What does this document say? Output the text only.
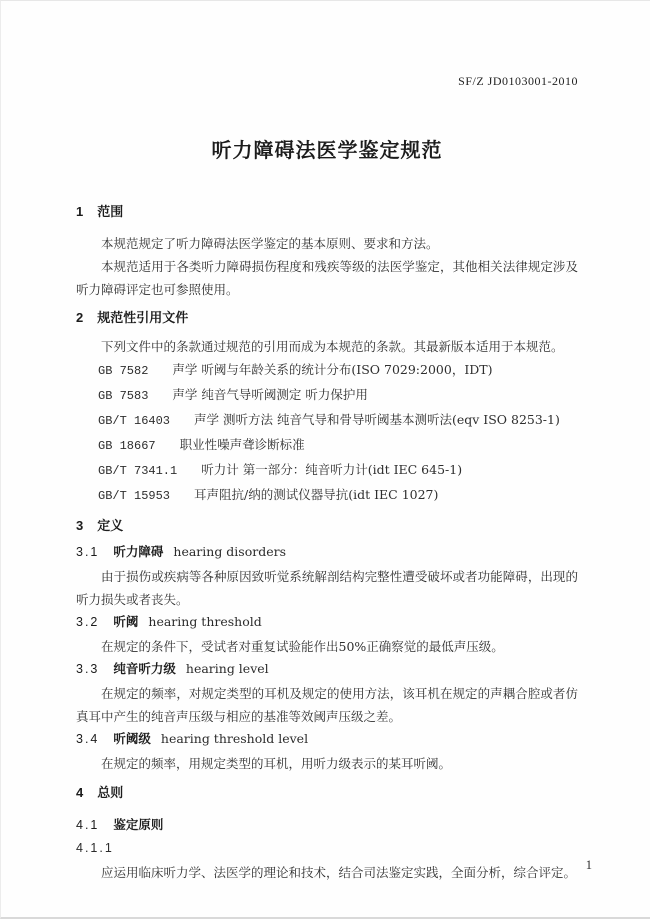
SF/Z JD0103001-2010
听力障碍法医学鉴定规范
1 范围

本规范规定了听力障碍法医学鉴定的基本原则、要求和方法。

本规范适用于各类听力障碍损伤程度和残疾等级的法医学鉴定，其他相关法律规定涉及听力障碍评定也可参照使用。

2 规范性引用文件

下列文件中的条款通过规范的引用而成为本规范的条款。其最新版本适用于本规范。

GB 7582 声学 听阈与年龄关系的统计分布(ISO 7029:2000，IDT)
GB 7583 声学 纯音气导听阈测定 听力保护用
GB/T 16403 声学 测听方法 纯音气导和骨导听阈基本测听法(eqv ISO 8253-1)
GB 18667 职业性噪声聋诊断标准
GB/T 7341.1 听力计 第一部分：纯音听力计(idt IEC 645-1)
GB/T 15953 耳声阻抗/纳的测试仪器导抗(idt IEC 1027)
3 定义
3.1 听力障碍 hearing disorders

由于损伤或疾病等各种原因致听觉系统解剖结构完整性遭受破坏或者功能障碍，出现的听力损失或者丧失。

3.2 听阈 hearing threshold

在规定的条件下，受试者对重复试验能作出50%正确察觉的最低声压级。

3.3 纯音听力级 hearing level

在规定的频率，对规定类型的耳机及规定的使用方法，该耳机在规定的声耦合腔或者仿真耳中产生的纯音声压级与相应的基准等效阈声压级之差。

3.4 听阈级 hearing threshold level

在规定的频率，用规定类型的耳机，用听力级表示的某耳听阈。

4 总则
4.1 鉴定原则
4.1.1

应运用临床听力学、法医学的理论和技术，结合司法鉴定实践，全面分析，综合评定。 1
